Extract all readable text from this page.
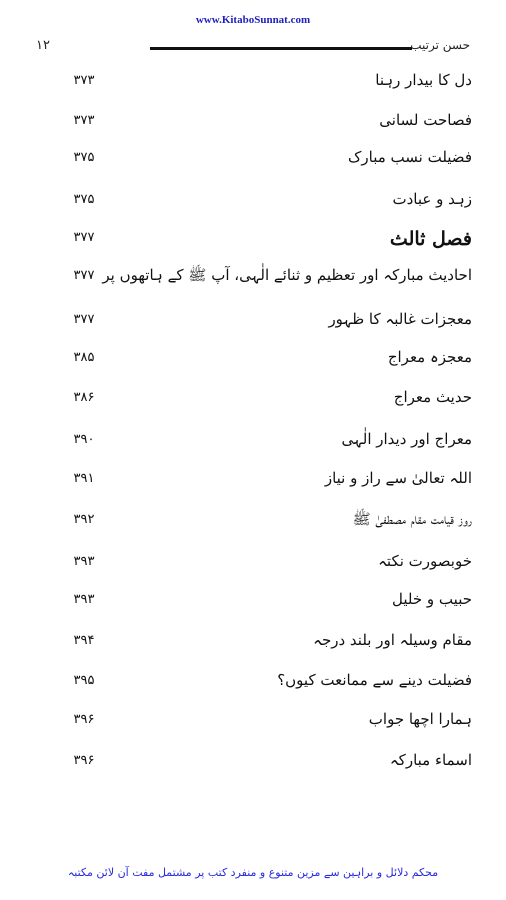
www.KitaboSunnat.com
۱۲	حسن ترتیب
دل کا بیدار رہنا
۳۷۳
فصاحت لسانی
۳۷۳
فضیلت نسب مبارک
۳۷۵
زہد و عبادت
۳۷۵
فصل ثالث
۳۷۷
احادیث مبارکہ اور تعظیم و ثنائے الٰہی، آپ ﷺ کے ہاتھوں پر
۳۷۷
معجزات غالبہ کا ظہور
۳۷۷
معجزہ معراج
۳۸۵
حدیث معراج
۳۸۶
معراج اور دیدار الٰہی
۳۹۰
اللہ تعالیٰ سے راز و نیاز
۳۹۱
روز قیامت مقام مصطفیٰ ﷺ
۳۹۲
خوبصورت نکتہ
۳۹۳
حبیب و خلیل
۳۹۳
مقام وسیلہ اور بلند درجہ
۳۹۴
فضیلت دینے سے ممانعت کیوں؟
۳۹۵
ہمارا اچھا جواب
۳۹۶
اسماء مبارکہ
۳۹۶
محکم دلائل و براہین سے مزین متنوع و منفرد کتب پر مشتمل مفت آن لائن مکتبہ
